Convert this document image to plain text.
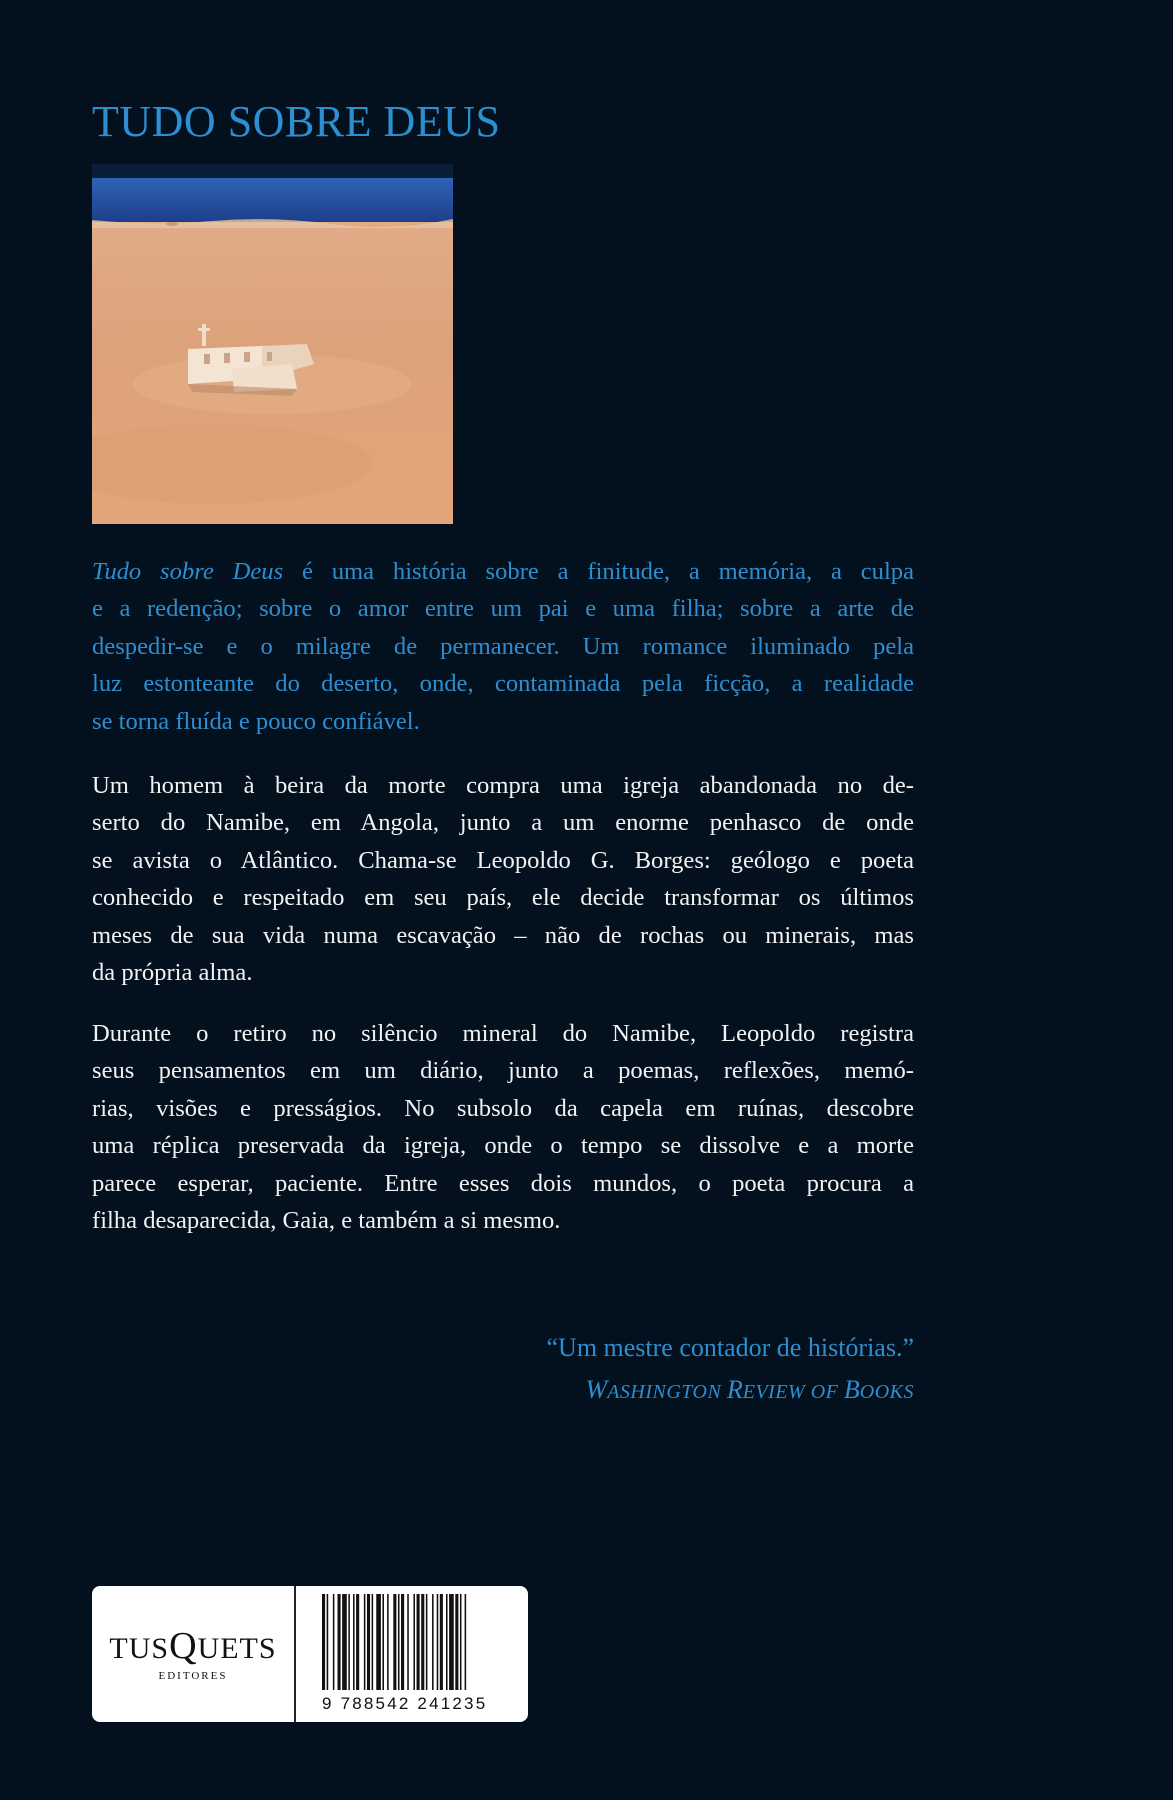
TUDO SOBRE DEUS

Tudo sobre Deus é uma história sobre a finitude, a memória, a culpa
e a redenção; sobre o amor entre um pai e uma filha; sobre a arte de
despedir-se e o milagre de permanecer. Um romance iluminado pela
luz estonteante do deserto, onde, contaminada pela ficção, a realidade
se torna fluída e pouco confiável.

Um homem à beira da morte compra uma igreja abandonada no de-
serto do Namibe, em Angola, junto a um enorme penhasco de onde
se avista o Atlântico. Chama-se Leopoldo G. Borges: geólogo e poeta
conhecido e respeitado em seu país, ele decide transformar os últimos
meses de sua vida numa escavação – não de rochas ou minerais, mas
da própria alma.

Durante o retiro no silêncio mineral do Namibe, Leopoldo registra
seus pensamentos em um diário, junto a poemas, reflexões, memó-
rias, visões e presságios. No subsolo da capela em ruínas, descobre
uma réplica preservada da igreja, onde o tempo se dissolve e a morte
parece esperar, paciente. Entre esses dois mundos, o poeta procura a
filha desaparecida, Gaia, e também a si mesmo.

“Um mestre contador de histórias.”
WASHINGTON REVIEW OF BOOKS
TUSQUETS
EDITORES
9 788542 241235
